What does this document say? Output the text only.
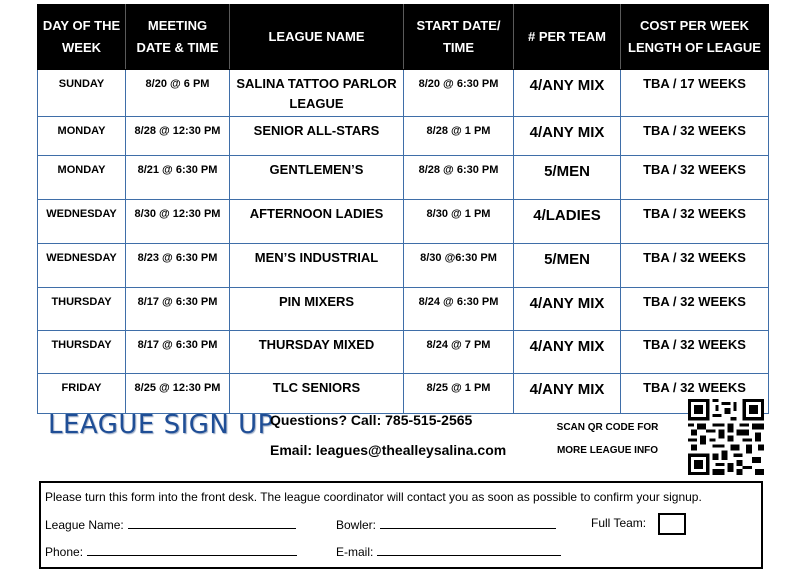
DAY OF THE WEEK	MEETING DATE & TIME	LEAGUE NAME	START DATE/ TIME	# PER TEAM	COST PER WEEK LENGTH OF LEAGUE
SUNDAY	8/20 @ 6 PM	SALINA TATTOO PARLOR LEAGUE	8/20 @ 6:30 PM	4/ANY MIX	TBA / 17 WEEKS
MONDAY	8/28 @ 12:30 PM	SENIOR ALL-STARS	8/28 @ 1 PM	4/ANY MIX	TBA / 32 WEEKS
MONDAY	8/21 @ 6:30 PM	GENTLEMEN’S	8/28 @ 6:30 PM	5/MEN	TBA / 32 WEEKS
WEDNESDAY	8/30 @ 12:30 PM	AFTERNOON LADIES	8/30 @ 1 PM	4/LADIES	TBA / 32 WEEKS
WEDNESDAY	8/23 @ 6:30 PM	MEN’S INDUSTRIAL	8/30 @6:30 PM	5/MEN	TBA / 32 WEEKS
THURSDAY	8/17 @ 6:30 PM	PIN MIXERS	8/24 @ 6:30 PM	4/ANY MIX	TBA / 32 WEEKS
THURSDAY	8/17 @ 6:30 PM	THURSDAY MIXED	8/24 @ 7 PM	4/ANY MIX	TBA / 32 WEEKS
FRIDAY	8/25 @ 12:30 PM	TLC SENIORS	8/25 @ 1 PM	4/ANY MIX	TBA / 32 WEEKS
LEAGUE SIGN UP
Questions? Call: 785-515-2565
Email: leagues@thealleysalina.com
SCAN QR CODE FOR
MORE LEAGUE INFO
Please turn this form into the front desk. The league coordinator will contact you as soon as possible to confirm your signup.
League Name:	Bowler:	Full Team:
Phone:	E-mail:
